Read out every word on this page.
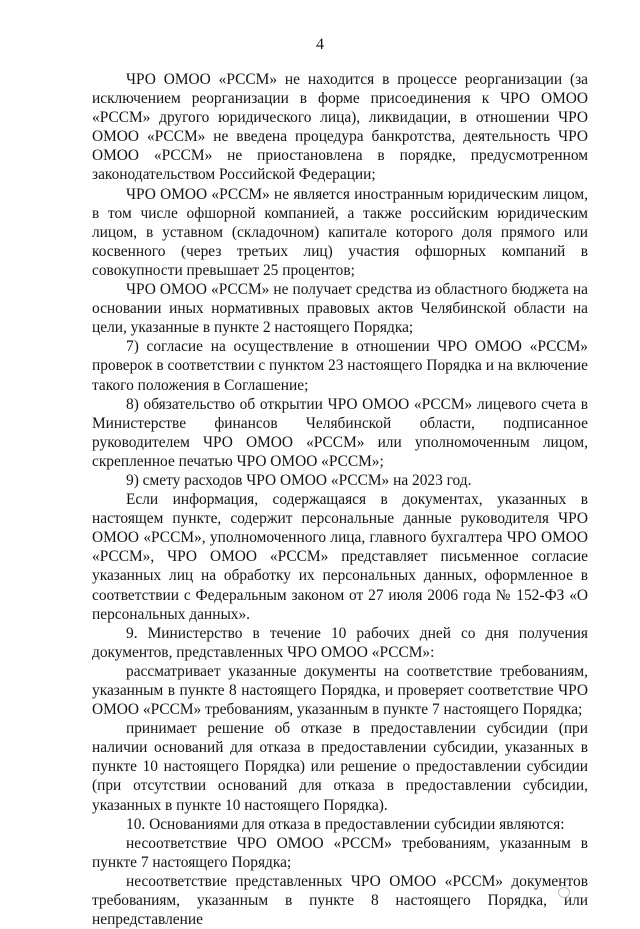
4

ЧРО ОМОО «РССМ» не находится в процессе реорганизации (за исключением реорганизации в форме присоединения к ЧРО ОМОО «РССМ» другого юридического лица), ликвидации, в отношении ЧРО ОМОО «РССМ» не введена процедура банкротства, деятельность ЧРО ОМОО «РССМ» не приостановлена в порядке, предусмотренном законодательством Российской Федерации;

ЧРО ОМОО «РССМ» не является иностранным юридическим лицом, в том числе офшорной компанией, а также российским юридическим лицом, в уставном (складочном) капитале которого доля прямого или косвенного (через третьих лиц) участия офшорных компаний в совокупности превышает 25 процентов;

ЧРО ОМОО «РССМ» не получает средства из областного бюджета на основании иных нормативных правовых актов Челябинской области на цели, указанные в пункте 2 настоящего Порядка;

7) согласие на осуществление в отношении ЧРО ОМОО «РССМ» проверок в соответствии с пунктом 23 настоящего Порядка и на включение такого положения в Соглашение;

8) обязательство об открытии ЧРО ОМОО «РССМ» лицевого счета в Министерстве финансов Челябинской области, подписанное руководителем ЧРО ОМОО «РССМ» или уполномоченным лицом, скрепленное печатью ЧРО ОМОО «РССМ»;

9) смету расходов ЧРО ОМОО «РССМ» на 2023 год.

Если информация, содержащаяся в документах, указанных в настоящем пункте, содержит персональные данные руководителя ЧРО ОМОО «РССМ», уполномоченного лица, главного бухгалтера ЧРО ОМОО «РССМ», ЧРО ОМОО «РССМ» представляет письменное согласие указанных лиц на обработку их персональных данных, оформленное в соответствии с Федеральным законом от 27 июля 2006 года № 152-ФЗ «О персональных данных».

9. Министерство в течение 10 рабочих дней со дня получения документов, представленных ЧРО ОМОО «РССМ»:

рассматривает указанные документы на соответствие требованиям, указанным в пункте 8 настоящего Порядка, и проверяет соответствие ЧРО ОМОО «РССМ» требованиям, указанным в пункте 7 настоящего Порядка;

принимает решение об отказе в предоставлении субсидии (при наличии оснований для отказа в предоставлении субсидии, указанных в пункте 10 настоящего Порядка) или решение о предоставлении субсидии (при отсутствии оснований для отказа в предоставлении субсидии, указанных в пункте 10 настоящего Порядка).

10. Основаниями для отказа в предоставлении субсидии являются:

несоответствие ЧРО ОМОО «РССМ» требованиям, указанным в пункте 7 настоящего Порядка;

несоответствие представленных ЧРО ОМОО «РССМ» документов требованиям, указанным в пункте 8 настоящего Порядка, или непредставление
